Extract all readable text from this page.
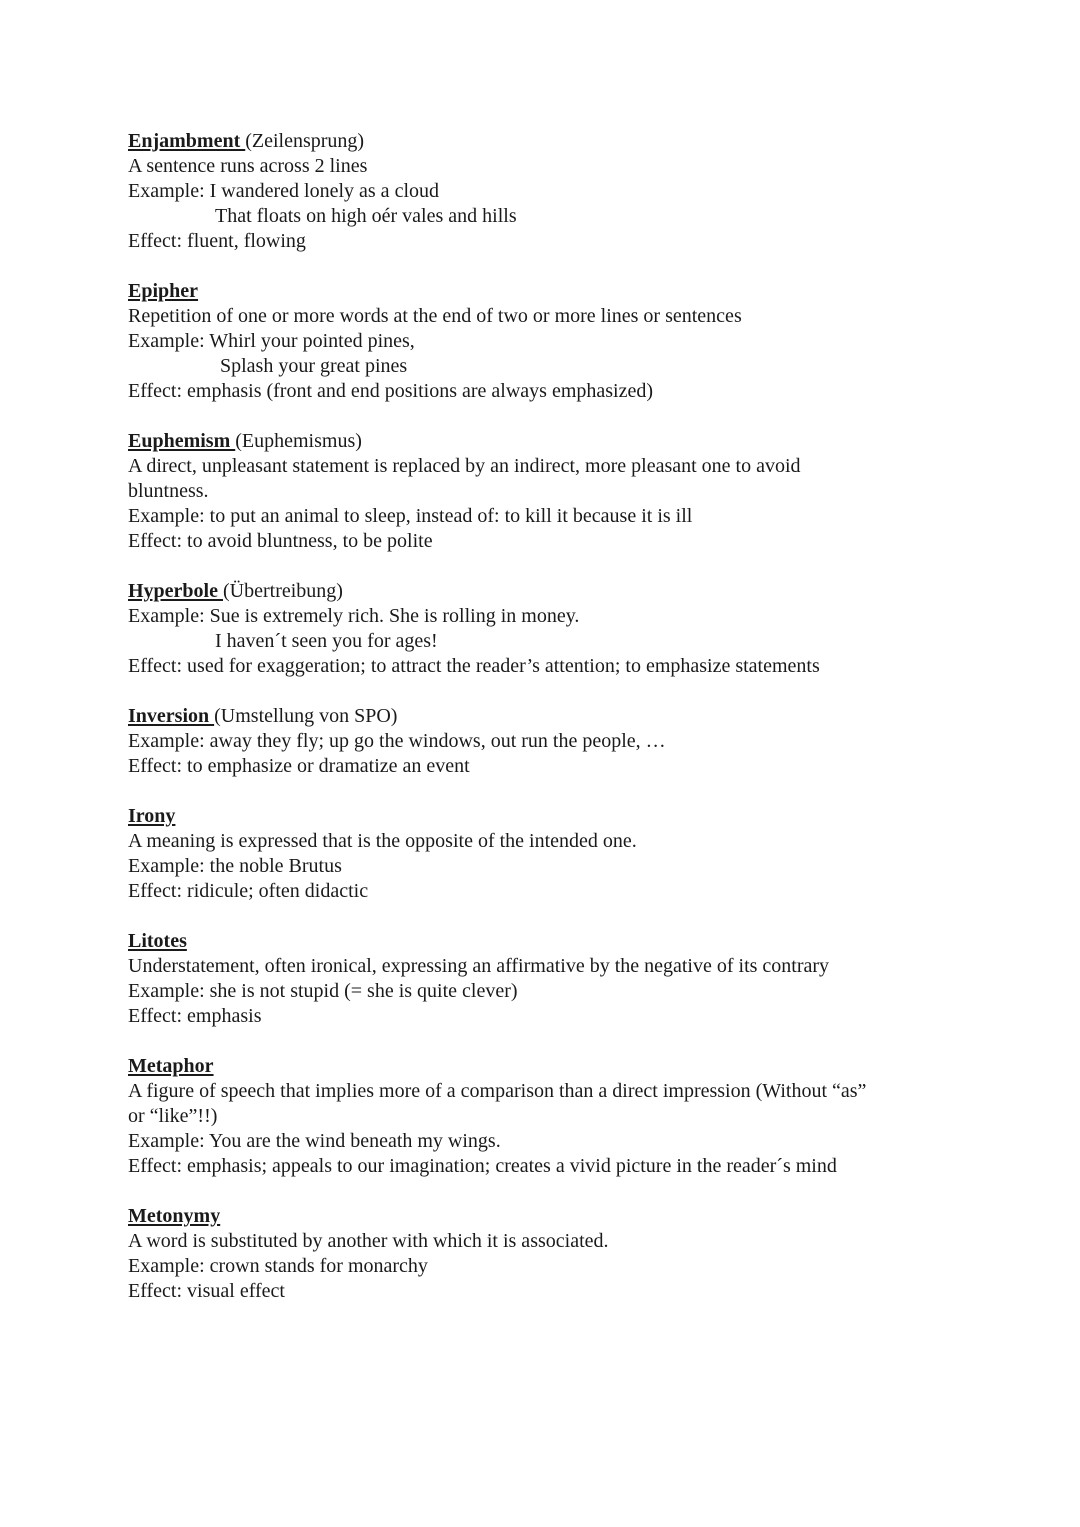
Enjambment (Zeilensprung)
A sentence runs across 2 lines
Example: I wandered lonely as a cloud
That floats on high oér vales and hills
Effect: fluent, flowing
Epipher
Repetition of one or more words at the end of two or more lines or sentences
Example: Whirl your pointed pines,
Splash your great pines
Effect: emphasis (front and end positions are always emphasized)
Euphemism (Euphemismus)
A direct, unpleasant statement is replaced by an indirect, more pleasant one to avoid
bluntness.
Example: to put an animal to sleep, instead of: to kill it because it is ill
Effect: to avoid bluntness, to be polite
Hyperbole (Übertreibung)
Example: Sue is extremely rich. She is rolling in money.
I haven´t seen you for ages!
Effect: used for exaggeration; to attract the reader’s attention; to emphasize statements
Inversion (Umstellung von SPO)
Example: away they fly; up go the windows, out run the people, …
Effect: to emphasize or dramatize an event
Irony
A meaning is expressed that is the opposite of the intended one.
Example: the noble Brutus
Effect: ridicule; often didactic
Litotes
Understatement, often ironical, expressing an affirmative by the negative of its contrary
Example: she is not stupid (= she is quite clever)
Effect: emphasis
Metaphor
A figure of speech that implies more of a comparison than a direct impression (Without “as”
or “like”!!)
Example: You are the wind beneath my wings.
Effect: emphasis; appeals to our imagination; creates a vivid picture in the reader´s mind
Metonymy
A word is substituted by another with which it is associated.
Example: crown stands for monarchy
Effect: visual effect
